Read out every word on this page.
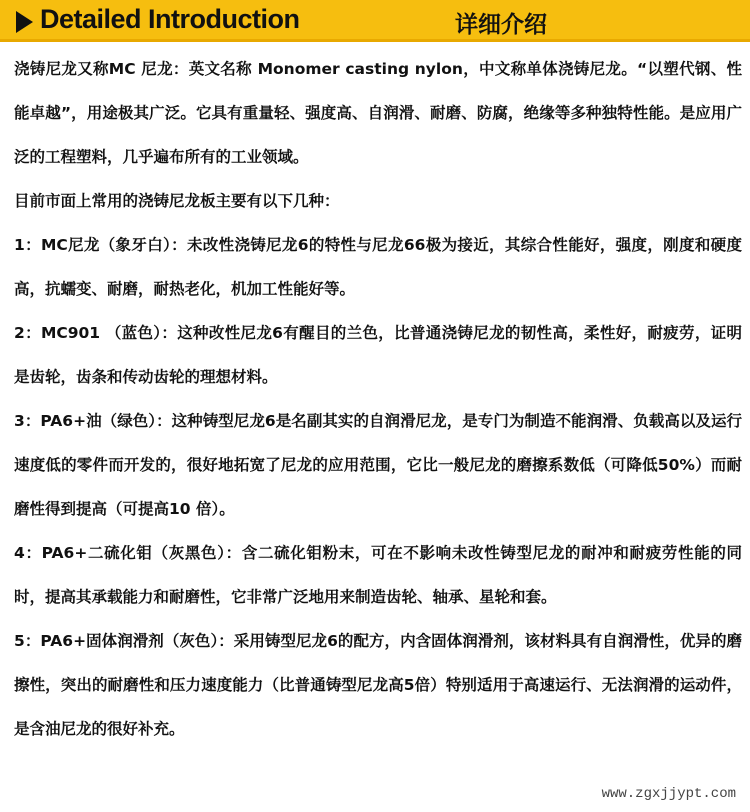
Detailed Introduction	详细介绍

浇铸尼龙又称MC 尼龙：英文名称 Monomer casting nylon，中文称单体浇铸尼龙。“以塑代钢、性能卓越”，用途极其广泛。它具有重量轻、强度高、自润滑、耐磨、防腐，绝缘等多种独特性能。是应用广泛的工程塑料，几乎遍布所有的工业领域。

目前市面上常用的浇铸尼龙板主要有以下几种：

1：MC尼龙（象牙白）：未改性浇铸尼龙6的特性与尼龙66极为接近，其综合性能好，强度，刚度和硬度高，抗蠕变、耐磨，耐热老化，机加工性能好等。

2：MC901 （蓝色）：这种改性尼龙6有醒目的兰色，比普通浇铸尼龙的韧性高，柔性好，耐疲劳，证明是齿轮，齿条和传动齿轮的理想材料。

3：PA6+油（绿色）：这种铸型尼龙6是名副其实的自润滑尼龙，是专门为制造不能润滑、负载高以及运行速度低的零件而开发的，很好地拓宽了尼龙的应用范围，它比一般尼龙的磨擦系数低（可降低50%）而耐磨性得到提高（可提高10 倍）。

4：PA6+二硫化钼（灰黑色）：含二硫化钼粉末，可在不影响未改性铸型尼龙的耐冲和耐疲劳性能的同时，提高其承载能力和耐磨性，它非常广泛地用来制造齿轮、轴承、星轮和套。

5：PA6+固体润滑剂（灰色）：采用铸型尼龙6的配方，内含固体润滑剂，该材料具有自润滑性，优异的磨擦性，突出的耐磨性和压力速度能力（比普通铸型尼龙高5倍）特别适用于高速运行、无法润滑的运动件，是含油尼龙的很好补充。

www.zgxjjypt.com
